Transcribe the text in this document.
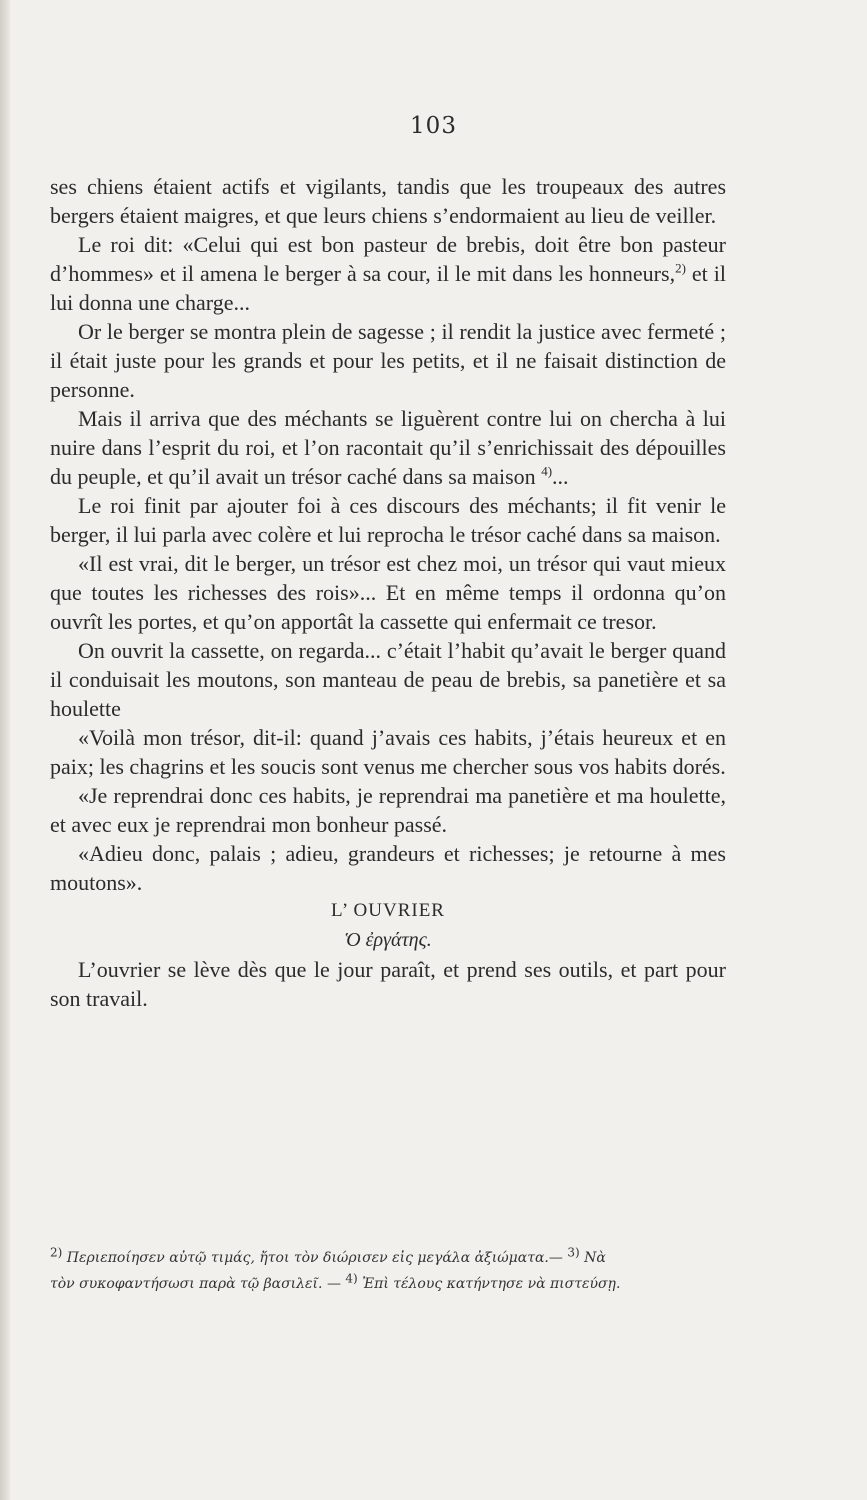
103

ses chiens étaient actifs et vigilants, tandis que les troupeaux des autres bergers étaient maigres, et que leurs chiens s’endormaient au lieu de veiller.

Le roi dit: «Celui qui est bon pasteur de brebis, doit être bon pasteur d’hommes» et il amena le berger à sa cour, il le mit dans les honneurs,$^{2)}$ et il lui donna une charge...

Or le berger se montra plein de sagesse ; il rendit la justice avec fermeté ; il était juste pour les grands et pour les petits, et il ne faisait distinction de personne.

Mais il arriva que des méchants se liguèrent contre lui on chercha à lui nuire dans l’esprit du roi, et l’on racontait qu’il s’enrichissait des dépouilles du peuple, et qu’il avait un trésor caché dans sa maison $^{4)}$...

Le roi finit par ajouter foi à ces discours des méchants; il fit venir le berger, il lui parla avec colère et lui reprocha le trésor caché dans sa maison.

«Il est vrai, dit le berger, un trésor est chez moi, un trésor qui vaut mieux que toutes les richesses des rois»... Et en même temps il ordonna qu’on ouvrît les portes, et qu’on apportât la cassette qui enfermait ce tresor.

On ouvrit la cassette, on regarda... c’était l’habit qu’avait le berger quand il conduisait les moutons, son manteau de peau de brebis, sa panetière et sa houlette

«Voilà mon trésor, dit-il: quand j’avais ces habits, j’étais heureux et en paix; les chagrins et les soucis sont venus me chercher sous vos habits dorés.

«Je reprendrai donc ces habits, je reprendrai ma panetière et ma houlette, et avec eux je reprendrai mon bonheur passé.

«Adieu donc, palais ; adieu, grandeurs et richesses; je retourne à mes moutons».

L’ OUVRIER

Ὁ ἐργάτης.

L’ouvrier se lève dès que le jour paraît, et prend ses outils, et part pour son travail.

2) Περιεποίησεν αὐτῷ τιμάς, ἤτοι τὸν διώρισεν εἰς μεγάλα ἀξιώματα.— 3) Νὰ

τὸν συκοφαντήσωσι παρὰ τῷ βασιλεῖ. — 4) Ἐπὶ τέλους κατήντησε νὰ πιστεύσῃ.
